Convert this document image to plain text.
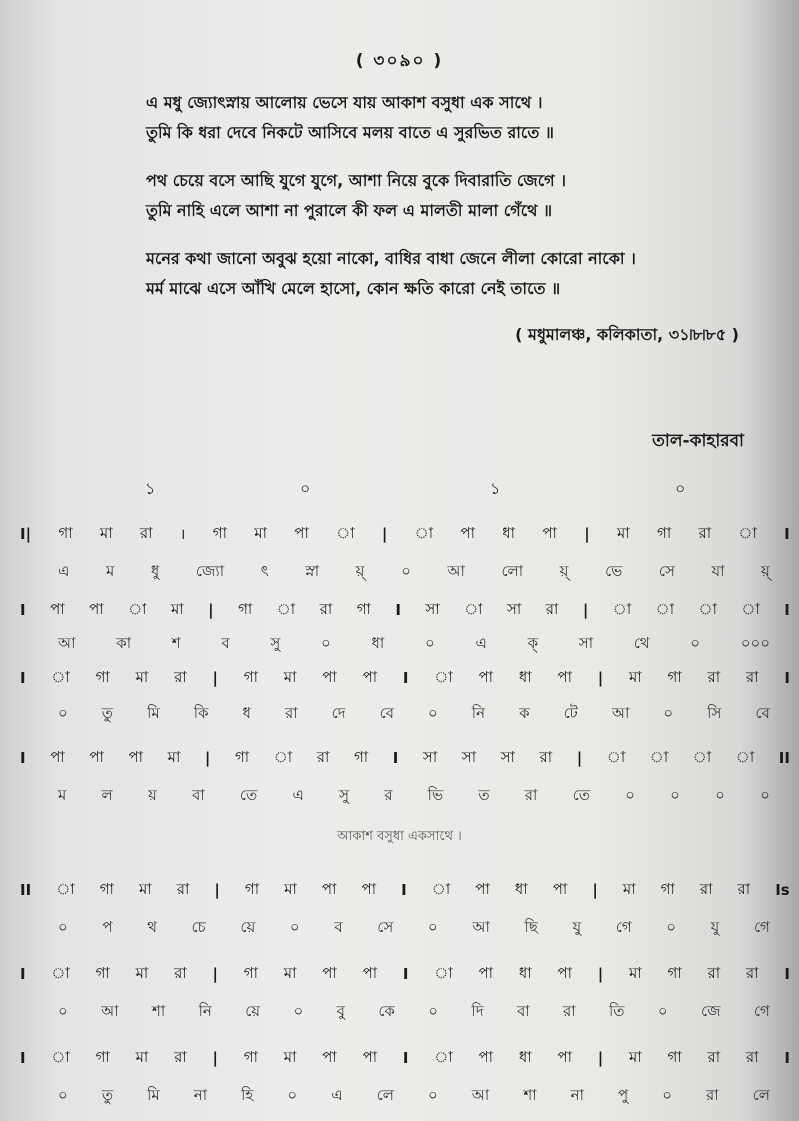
( ৩০৯০ )
এ মধু জ্যোৎস্নায় আলোয় ভেসে যায় আকাশ বসুধা এক সাথে ।
তুমি কি ধরা দেবে নিকটে আসিবে মলয় বাতে এ সুরভিত রাতে ॥
পথ চেয়ে বসে আছি যুগে যুগে, আশা নিয়ে বুকে দিবারাতি জেগে ।
তুমি নাহি এলে আশা না পুরালে কী ফল এ মালতী মালা গেঁথে ॥
মনের কথা জানো অবুঝ হয়ো নাকো, বাধির বাধা জেনে লীলা কোরো নাকো ।
মর্ম মাঝে এসে আঁখি মেলে হাসো, কোন ক্ষতি কারো নেই তাতে ॥
( মধুমালঞ্চ, কলিকাতা, ৩১৷৮৷৮৫ )
তাল-কাহারবা
১	০	১	০
I| গা মা রা । গা মা পা া | া পা ধা পা | মা গা রা া I
এ ম ধু জ্যো ৎ স্না য়্ ০ আ লো য়্ ভে সে যা য়্
I পা পা া মা | গা া রা গা I সা া সা রা | া া া া I
আ	কা	শ	ব	সু	০	ধা	০	এ	ক্	সা	থে	০	০০০
I া গা মা রা | গা মা পা পা I া পা ধা পা | মা গা রা রা I
০ তু মি কি ধ রা দে বে ০ নি ক টে আ ০ সি বে
I পা পা পা মা | গা া রা গা I সা সা সা রা | া া া া II
ম ল য় বা তে এ সু র ভি ত রা তে ০ ০ ০ ০
II া গা মা রা | গা মা পা পা I া পা ধা পা | মা গা রা রা Is
০ প থ চে য়ে ০ ব সে ০ আ ছি যু গে ০ যু গে
I া গা মা রা | গা মা পা পা I া পা ধা পা | মা গা রা রা I
০ আ শা নি য়ে ০ বু কে ০ দি বা রা তি ০ জে গে
I া গা মা রা | গা মা পা পা I া পা ধা পা | মা গা রা রা I
০ তু মি না হি ০ এ লে ০ আ শা না পু ০ রা লে
আকাশ বসুধা একসাথে ।
